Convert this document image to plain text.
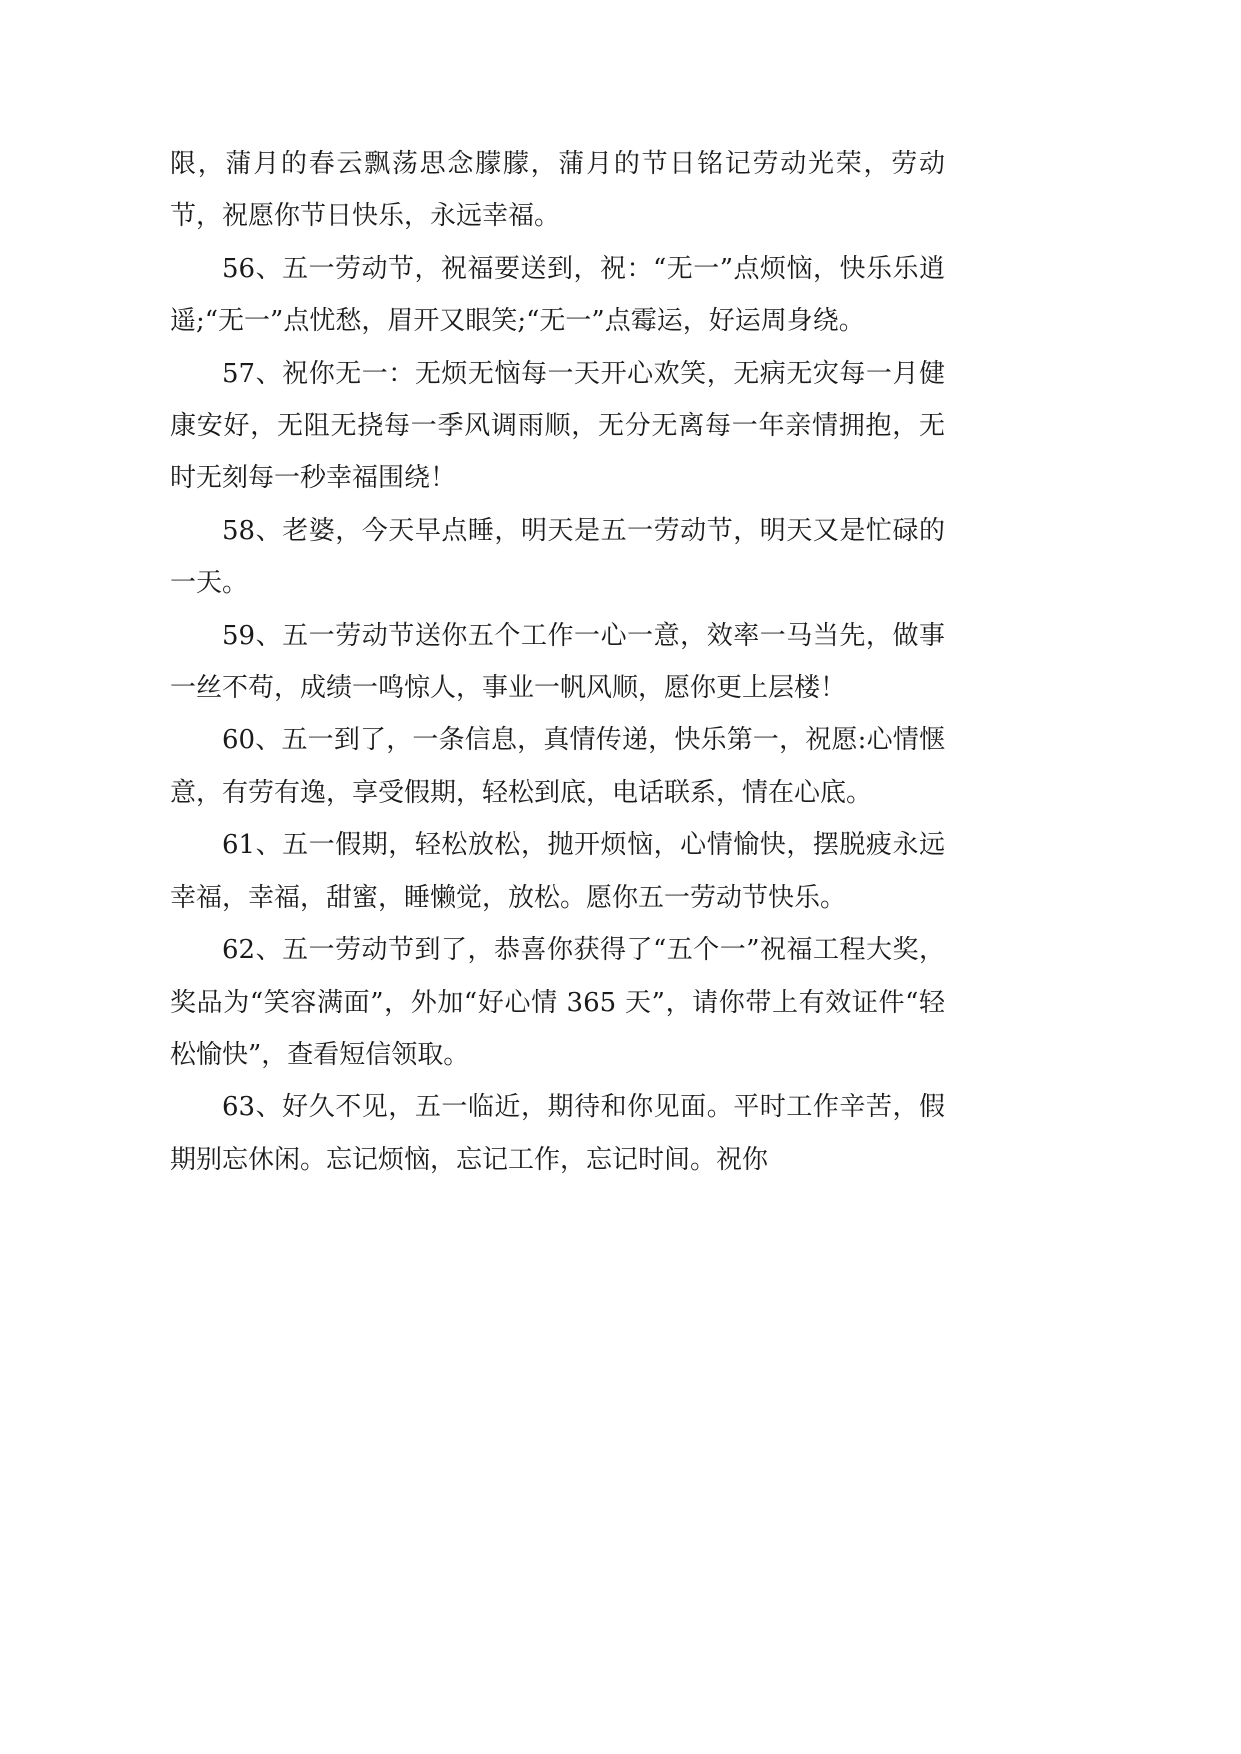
限，蒲月的春云飘荡思念朦朦，蒲月的节日铭记劳动光荣，劳动节，祝愿你节日快乐，永远幸福。

56、五一劳动节，祝福要送到，祝：“无一”点烦恼，快乐乐逍遥;“无一”点忧愁，眉开又眼笑;“无一”点霉运，好运周身绕。

57、祝你无一：无烦无恼每一天开心欢笑，无病无灾每一月健康安好，无阻无挠每一季风调雨顺，无分无离每一年亲情拥抱，无时无刻每一秒幸福围绕！

58、老婆，今天早点睡，明天是五一劳动节，明天又是忙碌的一天。

59、五一劳动节送你五个工作一心一意，效率一马当先，做事一丝不苟，成绩一鸣惊人，事业一帆风顺，愿你更上层楼！

60、五一到了，一条信息，真情传递，快乐第一，祝愿:心情惬意，有劳有逸，享受假期，轻松到底，电话联系，情在心底。

61、五一假期，轻松放松，抛开烦恼，心情愉快，摆脱疲永远幸福，幸福，甜蜜，睡懒觉，放松。愿你五一劳动节快乐。

62、五一劳动节到了，恭喜你获得了“五个一”祝福工程大奖，奖品为“笑容满面”，外加“好心情 365 天”，请你带上有效证件“轻松愉快”，查看短信领取。

63、好久不见，五一临近，期待和你见面。平时工作辛苦，假期别忘休闲。忘记烦恼，忘记工作，忘记时间。祝你
